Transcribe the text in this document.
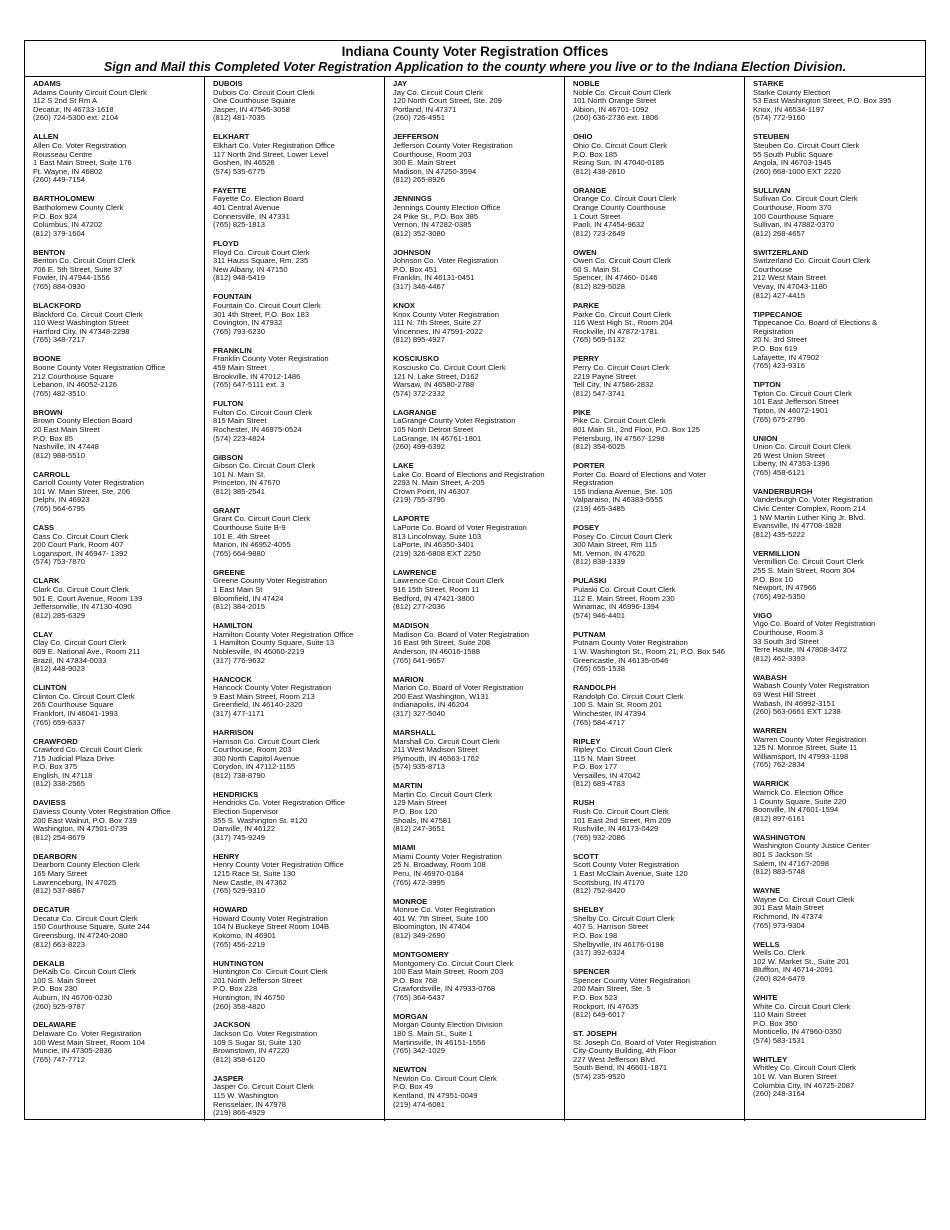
Indiana County Voter Registration Offices
Sign and Mail this Completed Voter Registration Application to the county where you live or to the Indiana Election Division.
ADAMS
Adams County Circuit Court Clerk
112 S 2nd St Rm A
Decatur, IN 46733-1618
(260) 724-5300 ext. 2104
ALLEN
Allen Co. Voter Registration
Rousseau Centre
1 East Main Street, Suite 176
Ft. Wayne, IN 46802
(260) 449-7154
BARTHOLOMEW
Bartholomew County Clerk
P.O. Box 924
Columbus, IN 47202
(812) 379-1604
BENTON
Benton Co. Circuit Court Clerk
706 E. 5th Street, Suite 37
Fowler, IN 47944-1556
(765) 884-0930
BLACKFORD
Blackford Co. Circuit Court Clerk
110 West Washington Street
Hartford City, IN 47348-2298
(765) 348-7217
BOONE
Boone County Voter Registration Office
212 Courthouse Square
Lebanon, IN 46052-2126
(765) 482-3510
BROWN
Brown County Election Board
20 East Main Street
P.O. Box 85
Nashville, IN 47448
(812) 988-5510
CARROLL
Carroll County Voter Registration
101 W. Main Street, Ste. 206
Delphi, IN 46923
(765) 564-6795
CASS
Cass Co. Circuit Court Clerk
200 Court Park, Room 407
Logansport, IN 46947- 1392
(574) 753-7870
CLARK
Clark Co. Circuit Court Clerk
501 E. Court Avenue, Room 139
Jeffersonville, IN 47130-4090
(812) 285-6329
CLAY
Clay Co. Circuit Court Clerk
609 E. National Ave., Room 211
Brazil, IN 47834-0033
(812) 448-9023
CLINTON
Clinton Co. Circuit Court Clerk
265 Courthouse Square
Frankfort, IN 46041-1993
(765) 659-6337
CRAWFORD
Crawford Co. Circuit Court Clerk
715 Judicial Plaza Drive
P.O. Box 375
English, IN 47118
(812) 338-2565
DAVIESS
Daviess County Voter Registration Office
200 East Walnut, P.O. Box 739
Washington, IN 47501-0739
(812) 254-8679
DEARBORN
Dearborn County Election Clerk
165 Mary Street
Lawrenceburg, IN 47025
(812) 537-8867
DECATUR
Decatur Co. Circuit Court Clerk
150 Courthouse Square, Suite 244
Greensburg, IN 47240-2080
(812) 663-8223
DEKALB
DeKalb Co. Circuit Court Clerk
100 S. Main Street
P.O. Box 230
Auburn, IN 46706-0230
(260) 925-9787
DELAWARE
Delaware Co. Voter Registration
100 West Main Street, Room 104
Muncie, IN 47305-2836
(765) 747-7712
DUBOIS
Dubois Co. Circuit Court Clerk
One Courthouse Square
Jasper, IN 47546-3058
(812) 481-7035
ELKHART
Elkhart Co. Voter Registration Office
117 North 2nd Street, Lower Level
Goshen, IN 46526
(574) 535-6775
FAYETTE
Fayette Co. Election Board
401 Central Avenue
Connersville, IN 47331
(765) 825-1813
FLOYD
Floyd Co. Circuit Court Clerk
311 Hauss Square, Rm. 235
New Albany, IN 47150
(812) 948-5419
FOUNTAIN
Fountain Co. Circuit Court Clerk
301 4th Street, P.O. Box 183
Covington, IN 47932
(765) 793-6230
FRANKLIN
Franklin County Voter Registration
459 Main Street
Brookville, IN 47012-1486
(765) 647-5111 ext. 3
FULTON
Fulton Co. Circuit Court Clerk
815 Main Street
Rochester, IN 46975-0524
(574) 223-4824
GIBSON
Gibson Co. Circuit Court Clerk
101 N. Main St.
Princeton, IN 47670
(812) 385-2541
GRANT
Grant Co. Circuit Court Clerk
Courthouse Suite B-9
101 E. 4th Street
Marion, IN 46952-4055
(765) 664-9880
GREENE
Greene County Voter Registration
1 East Main St
Bloomfield, IN 47424
(812) 384-2015
HAMILTON
Hamilton County Voter Registration Office
1 Hamilton County Square, Suite 13
Noblesville, IN 46060-2219
(317) 776-9632
HANCOCK
Hancock County Voter Registration
9 East Main Street, Room 213
Greenfield, IN 46140-2320
(317) 477-1171
HARRISON
Harrison Co. Circuit Court Clerk
Courthouse, Room 203
300 North Capitol Avenue
Corydon, IN 47112-1155
(812) 738-8790
HENDRICKS
Hendricks Co. Voter Registration Office
Election Supervisor
355 S. Washington St. #120
Danville, IN 46122
(317) 745-9249
HENRY
Henry County Voter Registration Office
1215 Race St, Suite 130
New Castle, IN 47362
(765) 529-9310
HOWARD
Howard County Voter Registration
104 N Buckeye Street Room 104B
Kokomo, IN 46901
(765) 456-2219
HUNTINGTON
Huntington Co. Circuit Court Clerk
201 North Jefferson Street
P.O. Box 228
Huntington, IN 46750
(260) 358-4820
JACKSON
Jackson Co. Voter Registration
109 S Sugar St, Suite 130
Brownstown, IN 47220
(812) 358-6120
JASPER
Jasper Co. Circuit Court Clerk
115 W. Washington
Rensselaer, IN 47978
(219) 866-4929
JAY
Jay Co. Circuit Court Clerk
120 North Court Street, Ste. 209
Portland, IN 47371
(260) 726-4951
JEFFERSON
Jefferson County Voter Registration
Courthouse, Room 203
300 E. Main Street
Madison, IN 47250-3594
(812) 265-8926
JENNINGS
Jennings County Election Office
24 Pike St., P.O. Box 385
Vernon, IN 47282-0385
(812) 352-3080
JOHNSON
Johnson Co. Voter Registration
P.O. Box 451
Franklin, IN 46131-0451
(317) 346-4467
KNOX
Knox County Voter Registration
111 N. 7th Street, Suite 27
Vincennes, IN 47591-2022
(812) 895-4927
KOSCIUSKO
Kosciusko Co. Circuit Court Clerk
121 N. Lake Street, D162
Warsaw, IN 46580-2788
(574) 372-2332
LAGRANGE
LaGrange County Voter Registration
105 North Detroit Street
LaGrange, IN 46761-1801
(260) 499-6392
LAKE
Lake Co. Board of Elections and Registration
2293 N. Main Street, A-205
Crown Point, IN 46307
(219) 755-3795
LAPORTE
LaPorte Co. Board of Voter Registration
813 Lincolnway, Suite 103
LaPorte, IN 46350-3401
(219) 326-6808 EXT 2250
LAWRENCE
Lawrence Co. Circuit Court Clerk
916 15th Street, Room 11
Bedford, IN 47421-3800
(812) 277-2036
MADISON
Madison Co. Board of Voter Registration
16 East 9th Street, Suite 208
Anderson, IN 46016-1588
(765) 641-9657
MARION
Marion Co. Board of Voter Registration
200 East Washington, W131
Indianapolis, IN 46204
(317) 327-5040
MARSHALL
Marshall Co. Circuit Court Clerk
211 West Madison Street
Plymouth, IN 46563-1762
(574) 935-8713
MARTIN
Martin Co. Circuit Court Clerk
129 Main Street
P.O. Box 120
Shoals, IN 47581
(812) 247-3651
MIAMI
Miami County Voter Registration
25 N. Broadway, Room 108
Peru, IN 46970-0184
(765) 472-3995
MONROE
Monroe Co. Voter Registration
401 W. 7th Street, Suite 100
Bloomington, IN 47404
(812) 349-2690
MONTGOMERY
Montgomery Co. Circuit Court Clerk
100 East Main Street, Room 203
P.O. Box 768
Crawfordsville, IN 47933-0768
(765) 364-6437
MORGAN
Morgan County Election Division
180 S. Main St., Suite 1
Martinsville, IN 46151-1556
(765) 342-1029
NEWTON
Newton Co. Circuit Court Clerk
P.O. Box 49
Kentland, IN 47951-0049
(219) 474-6081
NOBLE
Noble Co. Circuit Court Clerk
101 North Orange Street
Albion, IN 46701-1092
(260) 636-2736 ext. 1806
OHIO
Ohio Co. Circuit Court Clerk
P.O. Box 185
Rising Sun, IN 47040-0185
(812) 438-2610
ORANGE
Orange Co. Circuit Court Clerk
Orange County Courthouse
1 Court Street
Paoli, IN 47454-9632
(812) 723-2649
OWEN
Owen Co. Circuit Court Clerk
60 S. Main St.
Spencer, IN 47460- 0146
(812) 829-5028
PARKE
Parke Co. Circuit Court Clerk
116 West High St., Room 204
Rockville, IN 47872-1781
(765) 569-5132
PERRY
Perry Co. Circuit Court Clerk
2219 Payne Street
Tell City, IN 47586-2832
(812) 547-3741
PIKE
Pike Co. Circuit Court Clerk
801 Main St., 2nd Floor, P.O. Box 125
Petersburg, IN 47567-1298
(812) 354-6025
PORTER
Porter Co. Board of Elections and Voter
Registration
155 Indiana Avenue, Ste. 105
Valparaiso, IN 46383-5555
(219) 465-3485
POSEY
Posey Co. Circuit Court Clerk
300 Main Street, Rm 115
Mt. Vernon, IN 47620
(812) 838-1339
PULASKI
Pulaski Co. Circuit Court Clerk
112 E. Main Street, Room 230
Winamac, IN 46996-1394
(574) 946-4401
PUTNAM
Putnam County Voter Registration
1 W. Washington St., Room 21, P.O. Box 546
Greencastle, IN 46135-0546
(765) 655-1538
RANDOLPH
Randolph Co. Circuit Court Clerk
100 S. Main St. Room 201
Winchester, IN 47394
(765) 584-4717
RIPLEY
Ripley Co. Circuit Court Clerk
115 N. Main Street
P.O. Box 177
Versailles, IN 47042
(812) 689-4783
RUSH
Rush Co. Circuit Court Clerk
101 East 2nd Street, Rm 209
Rushville, IN 46173-0429
(765) 932-2086
SCOTT
Scott County Voter Registration
1 East McClain Avenue, Suite 120
Scottsburg, IN 47170
(812) 752-8420
SHELBY
Shelby Co. Circuit Court Clerk
407 S. Harrison Street
P.O. Box 198
Shelbyville, IN 46176-0198
(317) 392-6324
SPENCER
Spencer County Voter Registration
200 Main Street, Ste. 5
P.O. Box 523
Rockport, IN 47635
(812) 649-6017
ST. JOSEPH
St. Joseph Co. Board of Voter Registration
City-County Building, 4th Floor
227 West Jefferson Blvd.
South Bend, IN 46601-1871
(574) 235-9520
STARKE
Starke County Election
53 East Washington Street, P.O. Box 395
Knox, IN 46534-1197
(574) 772-9160
STEUBEN
Steuben Co. Circuit Court Clerk
55 South Public Square
Angola, IN 46703-1945
(260) 668-1000 EXT 2220
SULLIVAN
Sullivan Co. Circuit Court Clerk
Courthouse, Room 370
100 Courthouse Square
Sullivan, IN 47882-0370
(812) 268-4657
SWITZERLAND
Switzerland Co. Circuit Court Clerk
Courthouse
212 West Main Street
Vevay, IN 47043-1180
(812) 427-4415
TIPPECANOE
Tippecanoe Co. Board of Elections &
Registration
20 N. 3rd Street
P.O. Box 619
Lafayette, IN 47902
(765) 423-9316
TIPTON
Tipton Co. Circuit Court Clerk
101 East Jefferson Street
Tipton, IN 46072-1901
(765) 675-2795
UNION
Union Co. Circuit Court Clerk
26 West Union Street
Liberty, IN 47353-1396
(765) 458-6121
VANDERBURGH
Vanderburgh Co. Voter Registration
Civic Center Complex, Room 214
1 NW Martin Luther King Jr. Blvd.
Evansville, IN 47708-1828
(812) 435-5222
VERMILLION
Vermillion Co. Circuit Court Clerk
255 S. Main Street, Room 304
P.O. Box 10
Newport, IN 47966
(765) 492-5350
VIGO
Vigo Co. Board of Voter Registration
Courthouse, Room 3
33 South 3rd Street
Terre Haute, IN 47808-3472
(812) 462-3393
WABASH
Wabash County Voter Registration
69 West Hill Street
Wabash, IN 46992-3151
(260) 563-0661 EXT 1238
WARREN
Warren County Voter Registration
125 N. Monroe Street, Suite 11
Williamsport, IN 47993-1198
(765) 762-2834
WARRICK
Warrick Co. Election Office
1 County Square, Suite 220
Boonville, IN 47601-1594
(812) 897-6161
WASHINGTON
Washington County Justice Center
801 S Jackson St
Salem, IN 47167-2098
(812) 883-5748
WAYNE
Wayne Co. Circuit Court Clerk
301 East Main Street
Richmond, IN 47374
(765) 973-9304
WELLS
Wells Co. Clerk
102 W. Market St., Suite 201
Bluffton, IN 46714-2091
(260) 824-6479
WHITE
White Co. Circuit Court Clerk
110 Main Street
P.O. Box 350
Monticello, IN 47960-0350
(574) 583-1531
WHITLEY
Whitley Co. Circuit Court Clerk
101 W. Van Buren Street
Columbia City, IN 46725-2087
(260) 248-3164
